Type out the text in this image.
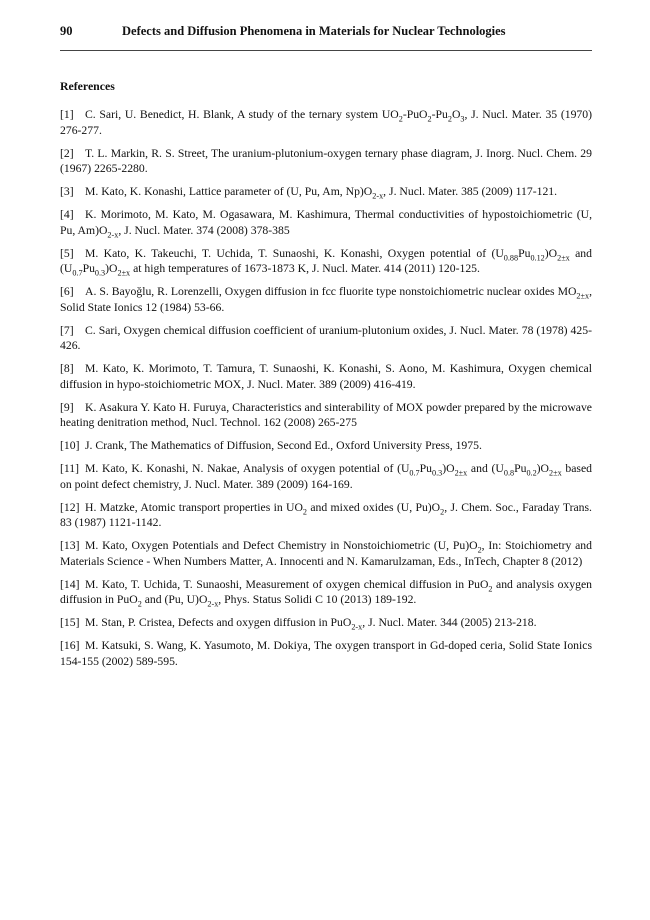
90	Defects and Diffusion Phenomena in Materials for Nuclear Technologies
References

[1] C. Sari, U. Benedict, H. Blank, A study of the ternary system $UO_2-PuO_2-Pu_2O_3$, J. Nucl. Mater. 35 (1970) 276-277.

[2] T. L. Markin, R. S. Street, The uranium-plutonium-oxygen ternary phase diagram, J. Inorg. Nucl. Chem. 29 (1967) 2265-2280.

[3] M. Kato, K. Konashi, Lattice parameter of (U, Pu, Am, $Np)O_{2-x}$, J. Nucl. Mater. 385 (2009) 117-121.

[4] K. Morimoto, M. Kato, M. Ogasawara, M. Kashimura, Thermal conductivities of hypostoichiometric (U, Pu, $Am)O_{2-x}$, J. Nucl. Mater. 374 (2008) 378-385

[5] M. Kato, K. Takeuchi, T. Uchida, T. Sunaoshi, K. Konashi, Oxygen potential of $(U_{0.88}Pu_{0.12})O_{2\pm x}$ and $(U_{0.7}Pu_{0.3})O_{2\pm x}$ at high temperatures of 1673-1873 K, J. Nucl. Mater. 414 (2011) 120-125.

[6] A. S. Bayoğlu, R. Lorenzelli, Oxygen diffusion in fcc fluorite type nonstoichiometric nuclear oxides $MO_{2\pm x}$, Solid State Ionics 12 (1984) 53-66.

[7] C. Sari, Oxygen chemical diffusion coefficient of uranium-plutonium oxides, J. Nucl. Mater. 78 (1978) 425-426.

[8] M. Kato, K. Morimoto, T. Tamura, T. Sunaoshi, K. Konashi, S. Aono, M. Kashimura, Oxygen chemical diffusion in hypo-stoichiometric MOX, J. Nucl. Mater. 389 (2009) 416-419.

[9] K. Asakura Y. Kato H. Furuya, Characteristics and sinterability of MOX powder prepared by the microwave heating denitration method, Nucl. Technol. 162 (2008) 265-275

[10] J. Crank, The Mathematics of Diffusion, Second Ed., Oxford University Press, 1975.

[11] M. Kato, K. Konashi, N. Nakae, Analysis of oxygen potential of $(U_{0.7}Pu_{0.3})O_{2\pm x}$ and $(U_{0.8}Pu_{0.2})O_{2\pm x}$ based on point defect chemistry, J. Nucl. Mater. 389 (2009) 164-169.

[12] H. Matzke, Atomic transport properties in $UO_2$ and mixed oxides (U, $Pu)O_2$, J. Chem. Soc., Faraday Trans. 83 (1987) 1121-1142.

[13] M. Kato, Oxygen Potentials and Defect Chemistry in Nonstoichiometric (U, $Pu)O_2$, In: Stoichiometry and Materials Science - When Numbers Matter, A. Innocenti and N. Kamarulzaman, Eds., InTech, Chapter 8 (2012)

[14] M. Kato, T. Uchida, T. Sunaoshi, Measurement of oxygen chemical diffusion in PuO$_2$ and analysis oxygen diffusion in PuO$_2$ and (Pu, $U)O_{2-x}$, Phys. Status Solidi C 10 (2013) 189-192.

[15] M. Stan, P. Cristea, Defects and oxygen diffusion in PuO$_{2-x}$, J. Nucl. Mater. 344 (2005) 213-218.

[16] M. Katsuki, S. Wang, K. Yasumoto, M. Dokiya, The oxygen transport in Gd-doped ceria, Solid State Ionics 154-155 (2002) 589-595.
